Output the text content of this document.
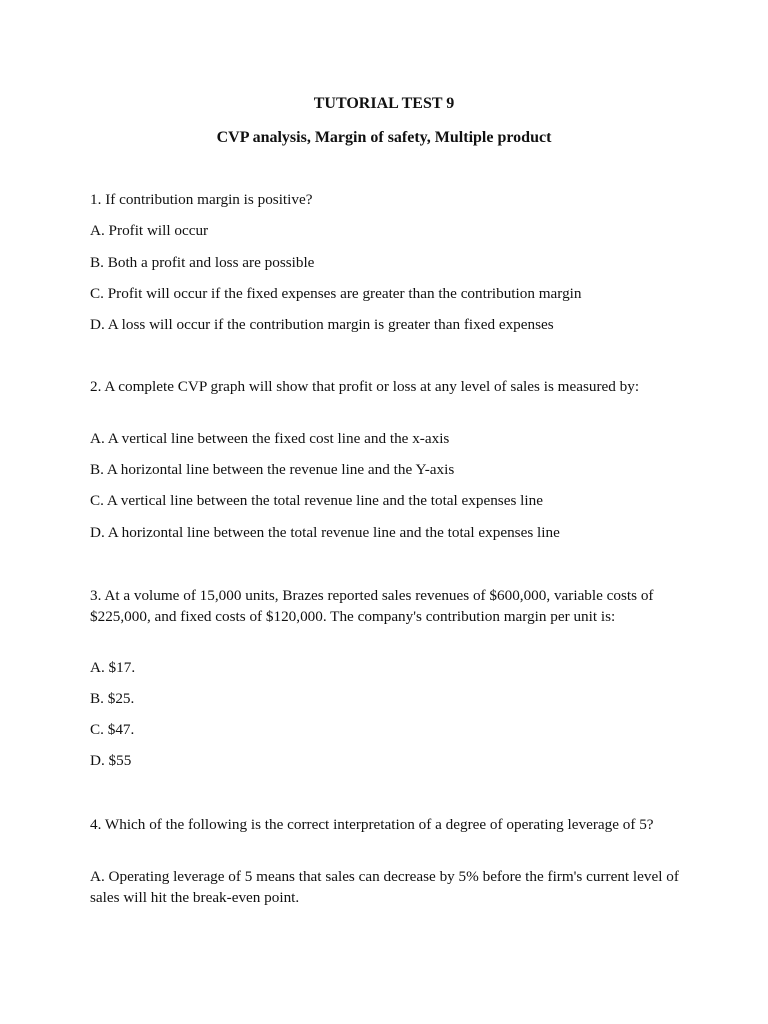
TUTORIAL TEST 9
CVP analysis, Margin of safety, Multiple product

1. If contribution margin is positive?

A. Profit will occur

B. Both a profit and loss are possible

C. Profit will occur if the fixed expenses are greater than the contribution margin

D. A loss will occur if the contribution margin is greater than fixed expenses

2. A complete CVP graph will show that profit or loss at any level of sales is measured by:

A. A vertical line between the fixed cost line and the x-axis

B. A horizontal line between the revenue line and the Y-axis

C. A vertical line between the total revenue line and the total expenses line

D. A horizontal line between the total revenue line and the total expenses line

3. At a volume of 15,000 units, Brazes reported sales revenues of $600,000, variable costs of $225,000, and fixed costs of $120,000. The company's contribution margin per unit is:

A. $17.

B. $25.

C. $47.

D. $55

4. Which of the following is the correct interpretation of a degree of operating leverage of 5?

A. Operating leverage of 5 means that sales can decrease by 5% before the firm's current level of sales will hit the break-even point.
